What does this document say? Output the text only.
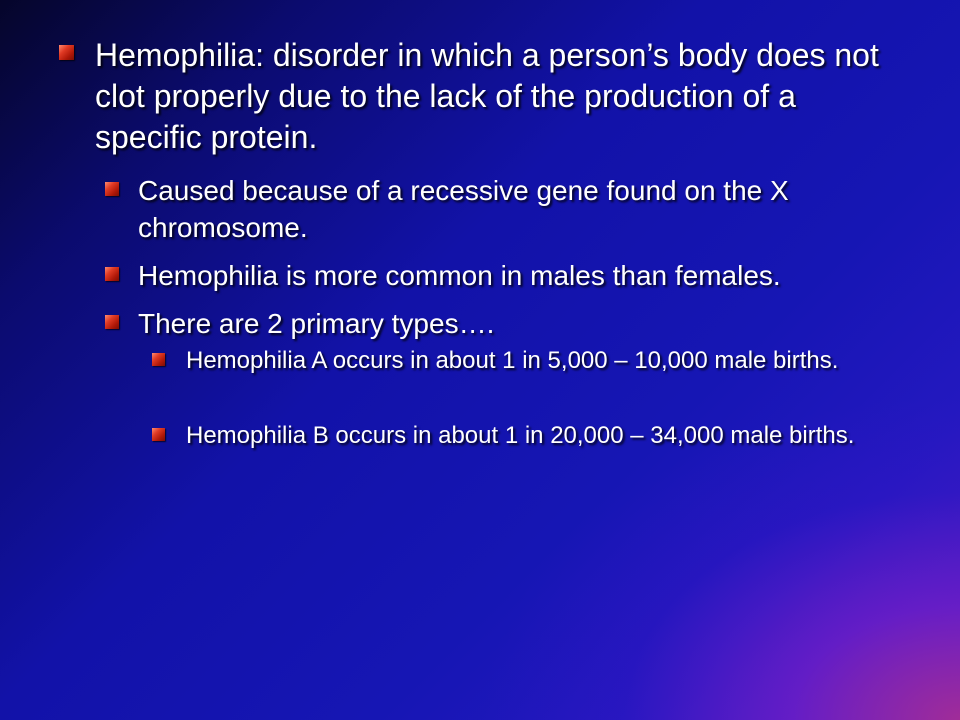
Hemophilia: disorder in which a person’s body does not clot properly due to the lack of the production of a specific protein.
Caused because of a recessive gene found on the X chromosome.
Hemophilia is more common in males than females.
There are 2 primary types….
Hemophilia A occurs in about 1 in 5,000 – 10,000 male births.
Hemophilia B occurs in about 1 in 20,000 – 34,000 male births.
